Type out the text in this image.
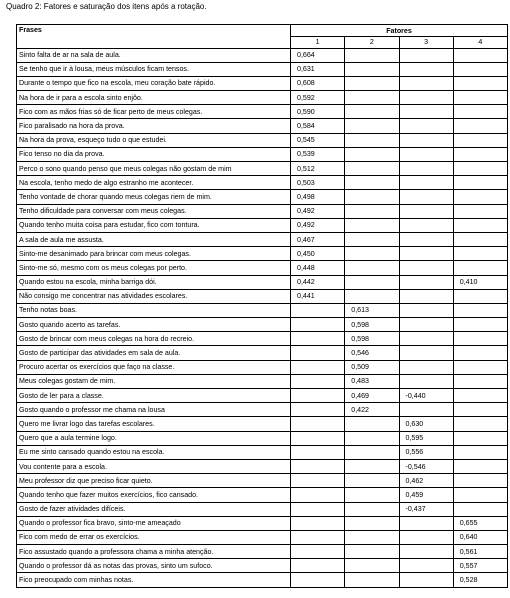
Quadro 2: Fatores e saturação dos itens após a rotação.
Frases	Fatores			
	1	2	3	4
Sinto falta de ar na sala de aula.	0,664			
Se tenho que ir à lousa, meus músculos ficam tensos.	0,631			
Durante o tempo que fico na escola, meu coração bate rápido.	0,608			
Na hora de ir para a escola sinto enjôo.	0,592			
Fico com as mãos frias só de ficar perto de meus colegas.	0,590			
Fico paralisado na hora da prova.	0,584			
Na hora da prova, esqueço tudo o que estudei.	0,545			
Fico tenso no dia da prova.	0,539			
Perco o sono quando penso que meus colegas não gostam de mim	0,512			
Na escola, tenho medo de algo estranho me acontecer.	0,503			
Tenho vontade de chorar quando meus colegas riem de mim.	0,498			
Tenho dificuldade para conversar com meus colegas.	0,492			
Quando tenho muita coisa para estudar, fico com tontura.	0,492			
A sala de aula me assusta.	0,467			
Sinto-me desanimado para brincar com meus colegas.	0,450			
Sinto-me só, mesmo com os meus colegas por perto.	0,448			
Quando estou na escola, minha barriga dói.	0,442			0,410
Não consigo me concentrar nas atividades escolares.	0,441			
Tenho notas boas.		0,613		
Gosto quando acerto as tarefas.		0,598		
Gosto de brincar com meus colegas na hora do recreio.		0,598		
Gosto de participar das atividades em sala de aula.		0,546		
Procuro acertar os exercícios que faço na classe.		0,509		
Meus colegas gostam de mim.		0,483		
Gosto de ler para a classe.		0,469	-0,440	
Gosto quando o professor me chama na lousa		0,422		
Quero me livrar logo das tarefas escolares.			0,630	
Quero que a aula termine logo.			0,595	
Eu me sinto cansado quando estou na escola.			0,556	
Vou contente para a escola.			-0,546	
Meu professor diz que preciso ficar quieto.			0,462	
Quando tenho que fazer muitos exercícios, fico cansado.			0,459	
Gosto de fazer atividades difíceis.			-0,437	
Quando o professor fica bravo, sinto-me ameaçado				0,655
Fico com medo de errar os exercícios.				0,640
Fico assustado quando a professora chama a minha atenção.				0,561
Quando o professor dá as notas das provas, sinto um sufoco.				0,557
Fico preocupado com minhas notas.				0,528
